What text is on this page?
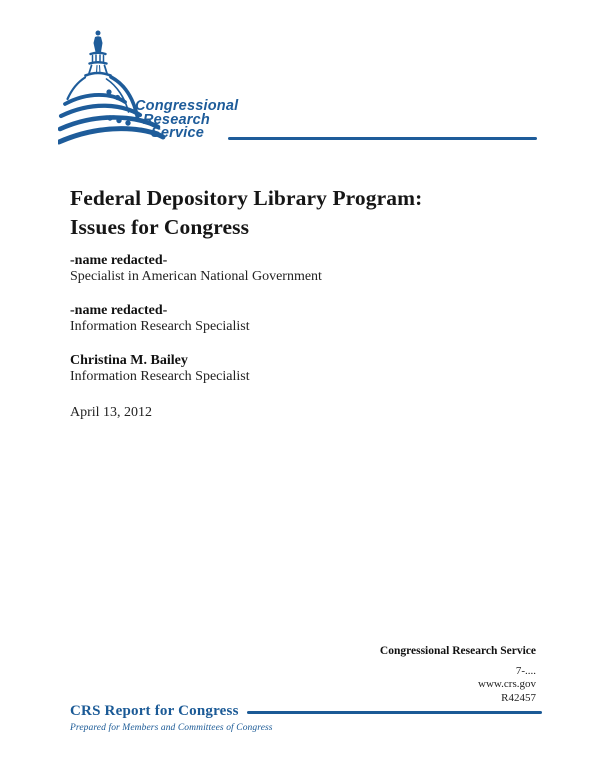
Congressional
Research
Service
Federal Depository Library Program:
Issues for Congress
-name redacted-
Specialist in American National Government
-name redacted-
Information Research Specialist
Christina M. Bailey
Information Research Specialist
April 13, 2012
Congressional Research Service
7-....
www.crs.gov
R42457
CRS Report for Congress
Prepared for Members and Committees of Congress
